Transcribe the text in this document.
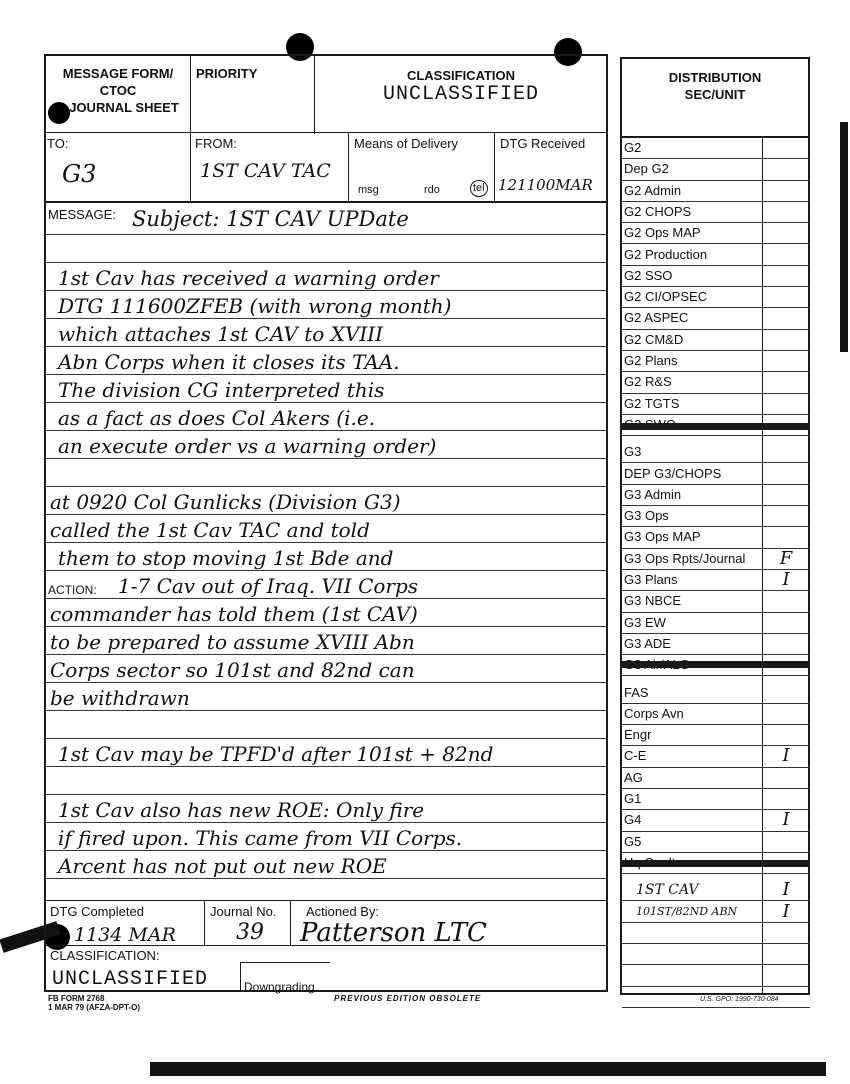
MESSAGE FORM/
CTOC
JOURNAL SHEET
PRIORITY	CLASSIFICATION
UNCLASSIFIED
TO:
G3
FROM:
1ST CAV TAC
Means of Delivery
msg	rdo	tel
DTG Received
121100MAR
MESSAGE: Subject: 1ST CAV UPDate
1st Cav has received a warning order
DTG 111600ZFEB (with wrong month)
which attaches 1st CAV to XVIII
Abn Corps when it closes its TAA.
The division CG interpreted this
as a fact as does Col Akers (i.e.
an execute order vs a warning order)
at 0920 Col Gunlicks (Division G3)
called the 1st Cav TAC and told
them to stop moving 1st Bde and
1-7 Cav out of Iraq. VII Corps
commander has told them (1st CAV)
to be prepared to assume XVIII Abn
Corps sector so 101st and 82nd can
be withdrawn
1st Cav may be TPFD'd after 101st + 82nd
1st Cav also has new ROE: Only fire
if fired upon. This came from VII Corps.
Arcent has not put out new ROE
ACTION:
DTG Completed
1134 MAR
Journal No.
39
Actioned By:
Patterson LTC
CLASSIFICATION:
UNCLASSIFIED	Downgrading
FB FORM 2768
1 MAR 79 (AFZA-DPT-O)
PREVIOUS EDITION OBSOLETE
DISTRIBUTION
SEC/UNIT
G2
Dep G2
G2 Admin
G2 CHOPS
G2 Ops MAP
G2 Production
G2 SSO
G2 CI/OPSEC
G2 ASPEC
G2 CM&D
G2 Plans
G2 R&S
G2 TGTS
G3
DEP G3/CHOPS
G3 Admin
G3 Ops
G3 Ops MAP
G3 Ops Rpts/Journal	F
G3 Plans	I
G3 NBCE
G3 EW
G3 ADE
FAS
Corps Avn
Engr
C-E	I
AG
G1
G4	I
G5
1ST CAV	I
101ST/82ND ABN	I
U.S. GPO: 1990-730-084
